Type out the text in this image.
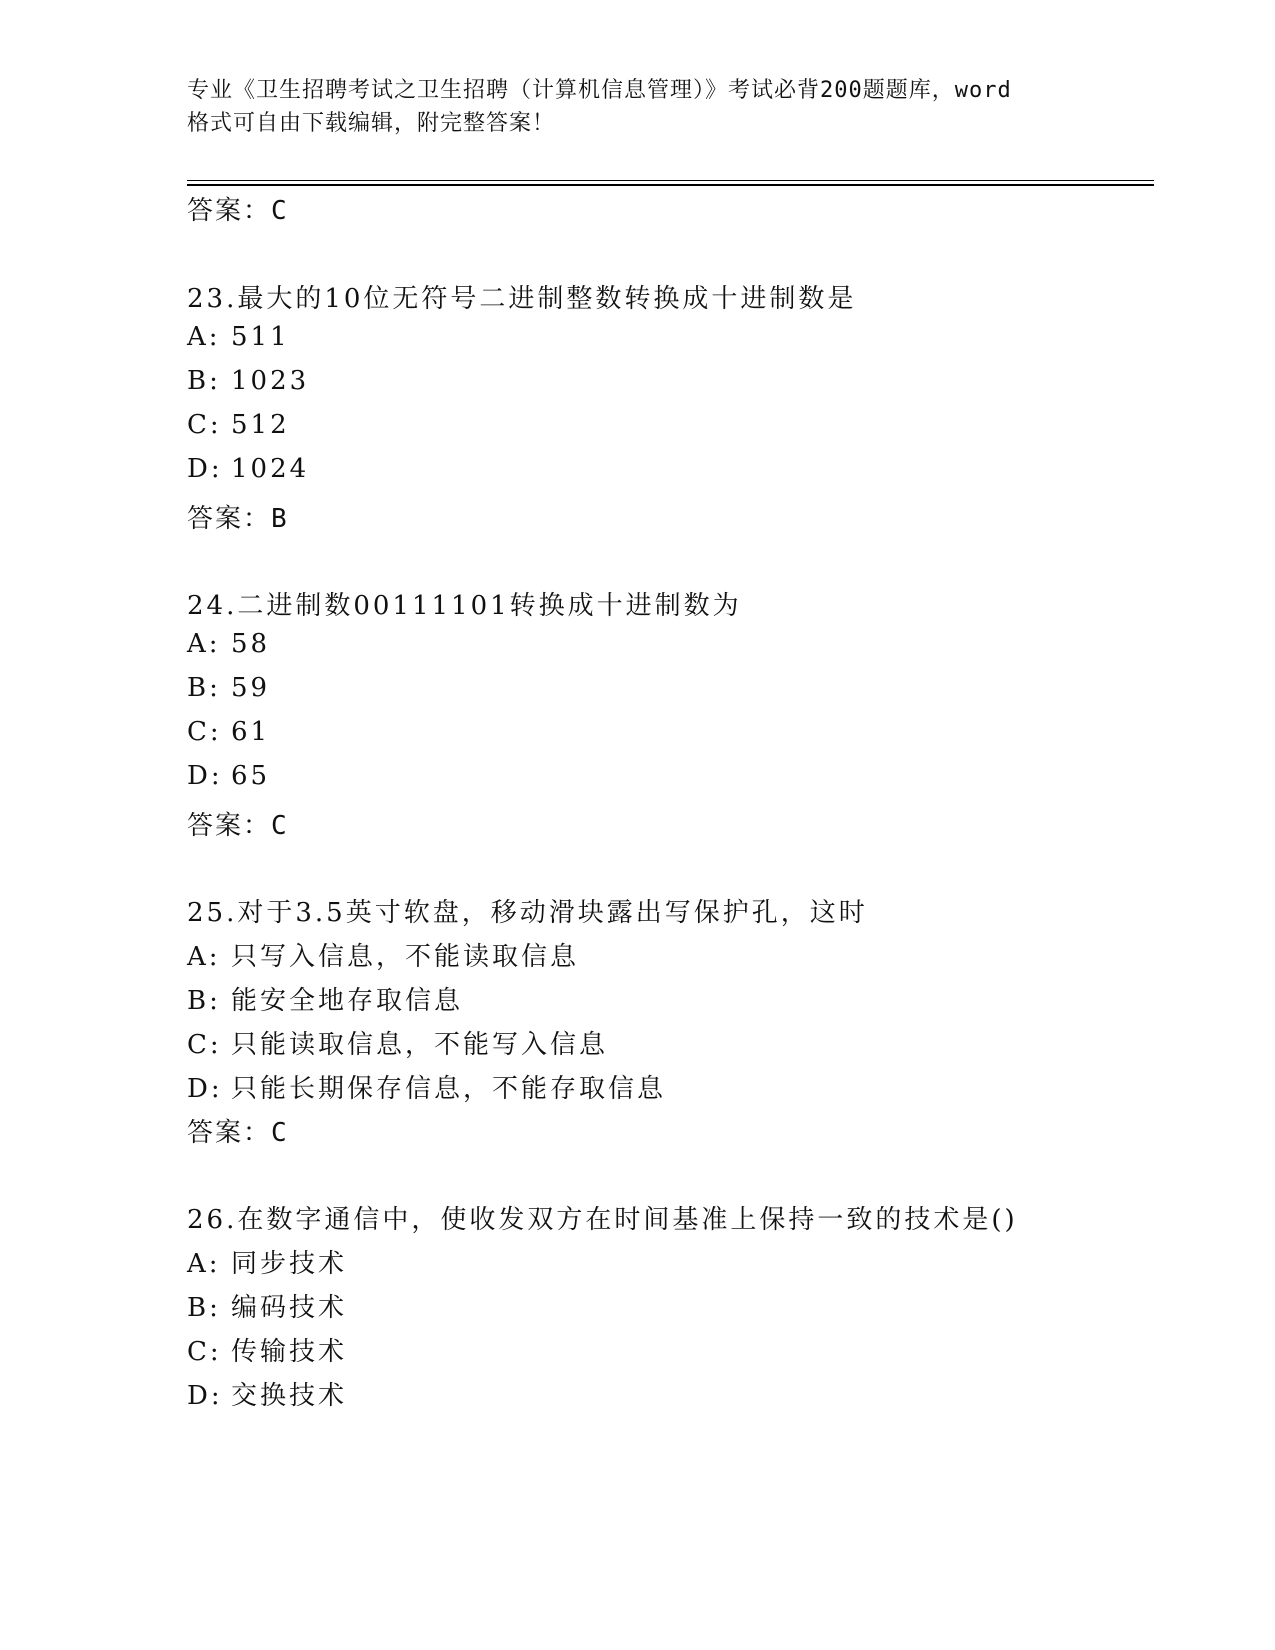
专业《卫生招聘考试之卫生招聘（计算机信息管理）》考试必背200题题库，word
格式可自由下载编辑，附完整答案！
答案：C
23.最大的10位无符号二进制整数转换成十进制数是
A: 511
B: 1023
C: 512
D: 1024
答案：B
24.二进制数00111101转换成十进制数为
A: 58
B: 59
C: 61
D: 65
答案：C
25.对于3.5英寸软盘，移动滑块露出写保护孔，这时
A: 只写入信息，不能读取信息
B: 能安全地存取信息
C: 只能读取信息，不能写入信息
D: 只能长期保存信息，不能存取信息
答案：C
26.在数字通信中，使收发双方在时间基准上保持一致的技术是()
A: 同步技术
B: 编码技术
C: 传输技术
D: 交换技术
